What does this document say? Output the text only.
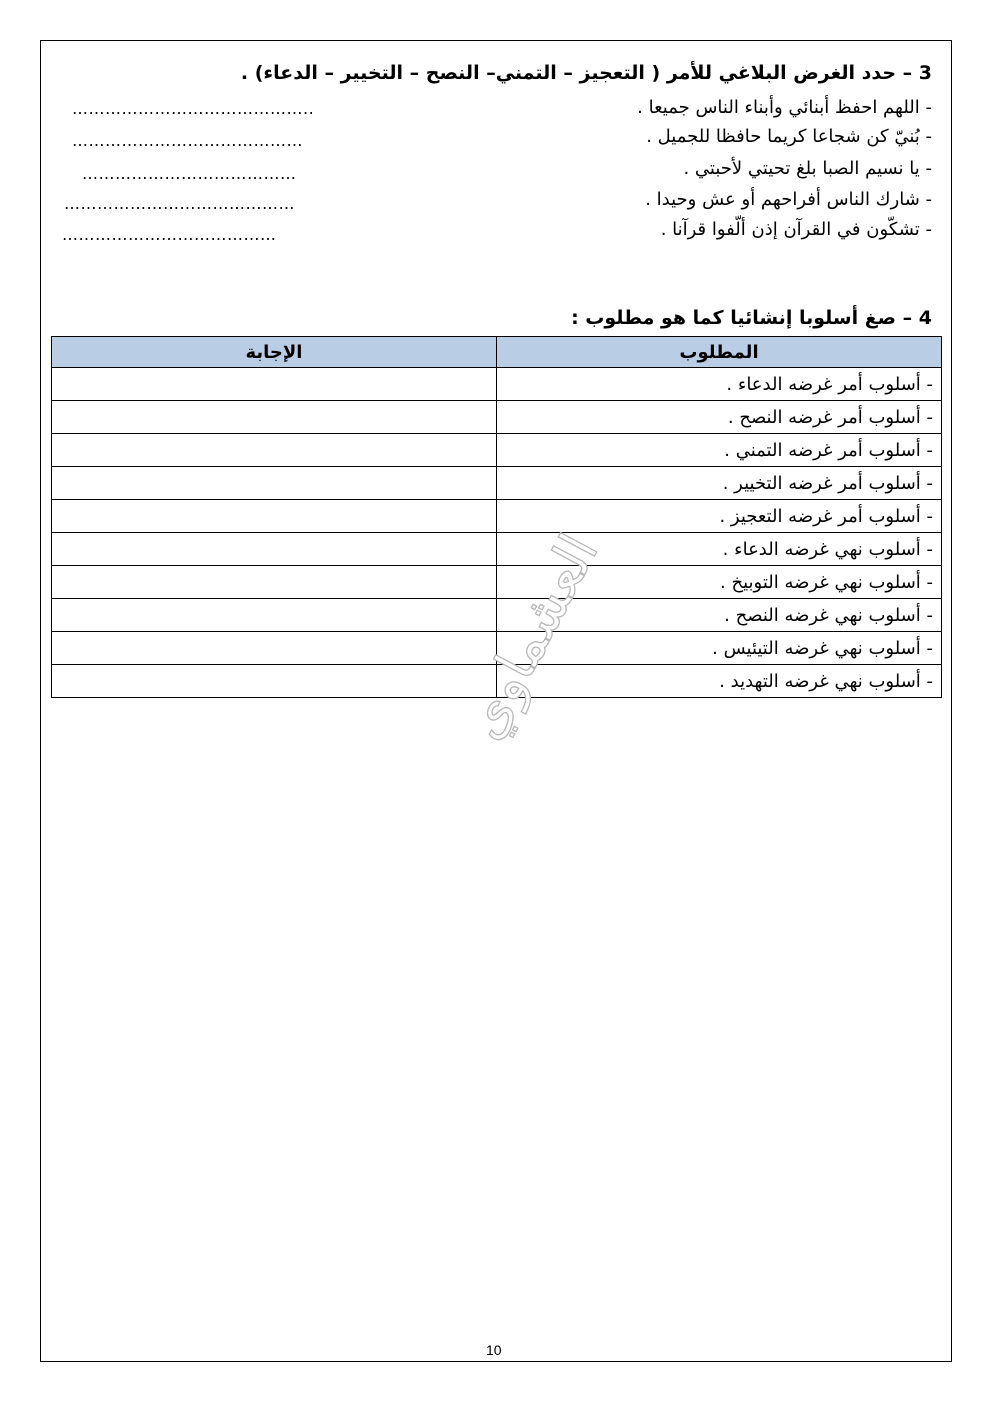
3 – حدد الغرض البلاغي للأمر ( التعجيز – التمني– النصح – التخيير – الدعاء) .
- اللهم احفظ أبنائي وأبناء الناس جميعا .
……………………………………..
- بُنيّ كن شجاعا كريما حافظا للجميل .
……………………………………
- يا نسيم الصبا بلغ تحيتي لأحبتي .
…………………………………
- شارك الناس أفراحهم أو عش وحيدا .
……………………………………
- تشكّون في القرآن إذن ألّفوا قرآنا .
…………………………………
4 – صغ أسلوبا إنشائيا كما هو مطلوب :
المطلوب	الإجابة
- أسلوب أمر غرضه الدعاء .	
- أسلوب أمر غرضه النصح .	
- أسلوب أمر غرضه التمني .	
- أسلوب أمر غرضه التخيير .	
- أسلوب أمر غرضه التعجيز .	
- أسلوب نهي غرضه الدعاء .	
- أسلوب نهي غرضه التوبيخ .	
- أسلوب نهي غرضه النصح .	
- أسلوب نهي غرضه التيئيس .	
- أسلوب نهي غرضه التهديد .	
العشماوي
10
